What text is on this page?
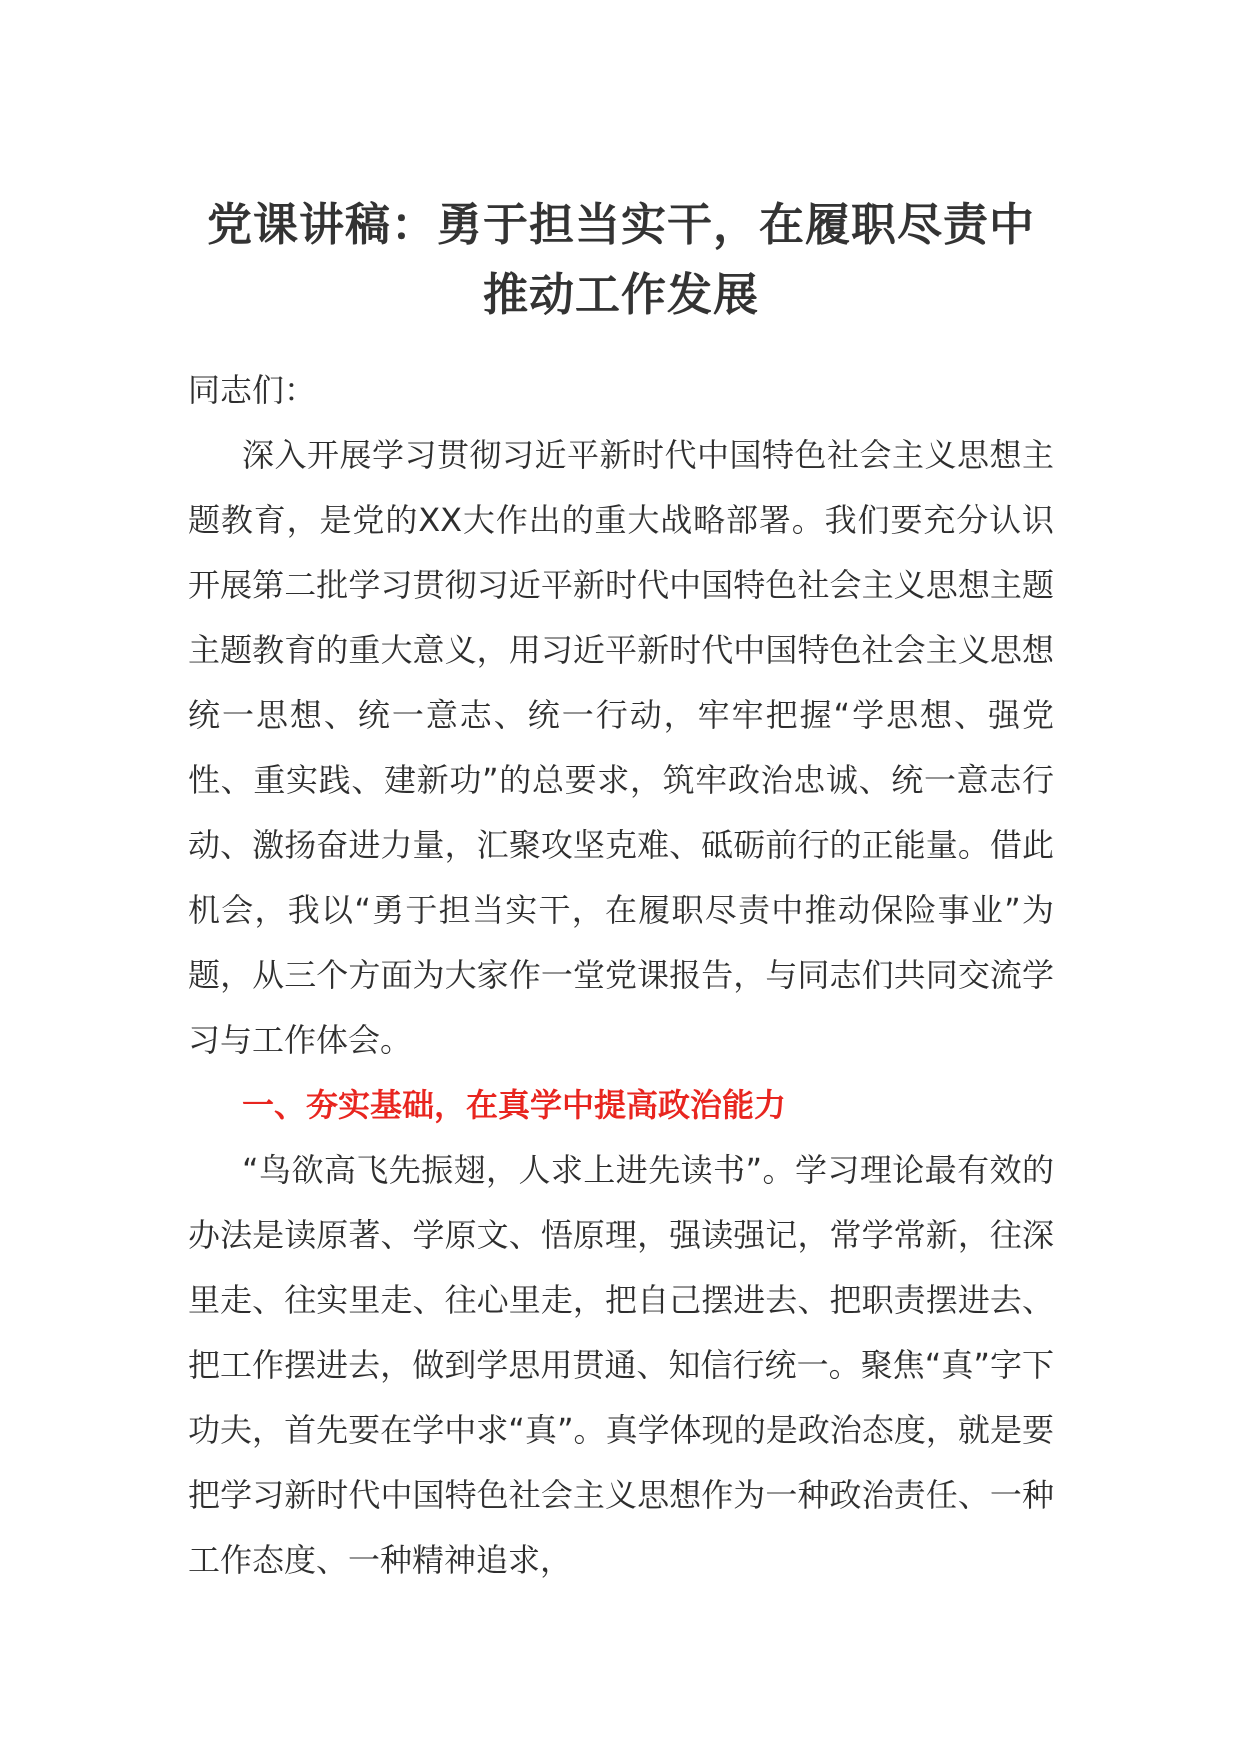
党课讲稿：勇于担当实干，在履职尽责中推动工作发展

同志们：

深入开展学习贯彻习近平新时代中国特色社会主义思想主题教育，是党的XX大作出的重大战略部署。我们要充分认识开展第二批学习贯彻习近平新时代中国特色社会主义思想主题主题教育的重大意义，用习近平新时代中国特色社会主义思想统一思想、统一意志、统一行动，牢牢把握“学思想、强党性、重实践、建新功”的总要求，筑牢政治忠诚、统一意志行动、激扬奋进力量，汇聚攻坚克难、砥砺前行的正能量。借此机会，我以“勇于担当实干，在履职尽责中推动保险事业”为题，从三个方面为大家作一堂党课报告，与同志们共同交流学习与工作体会。

一、夯实基础，在真学中提高政治能力

“鸟欲高飞先振翅，人求上进先读书”。学习理论最有效的办法是读原著、学原文、悟原理，强读强记，常学常新，往深里走、往实里走、往心里走，把自己摆进去、把职责摆进去、把工作摆进去，做到学思用贯通、知信行统一。聚焦“真”字下功夫，首先要在学中求“真”。真学体现的是政治态度，就是要把学习新时代中国特色社会主义思想作为一种政治责任、一种工作态度、一种精神追求，
